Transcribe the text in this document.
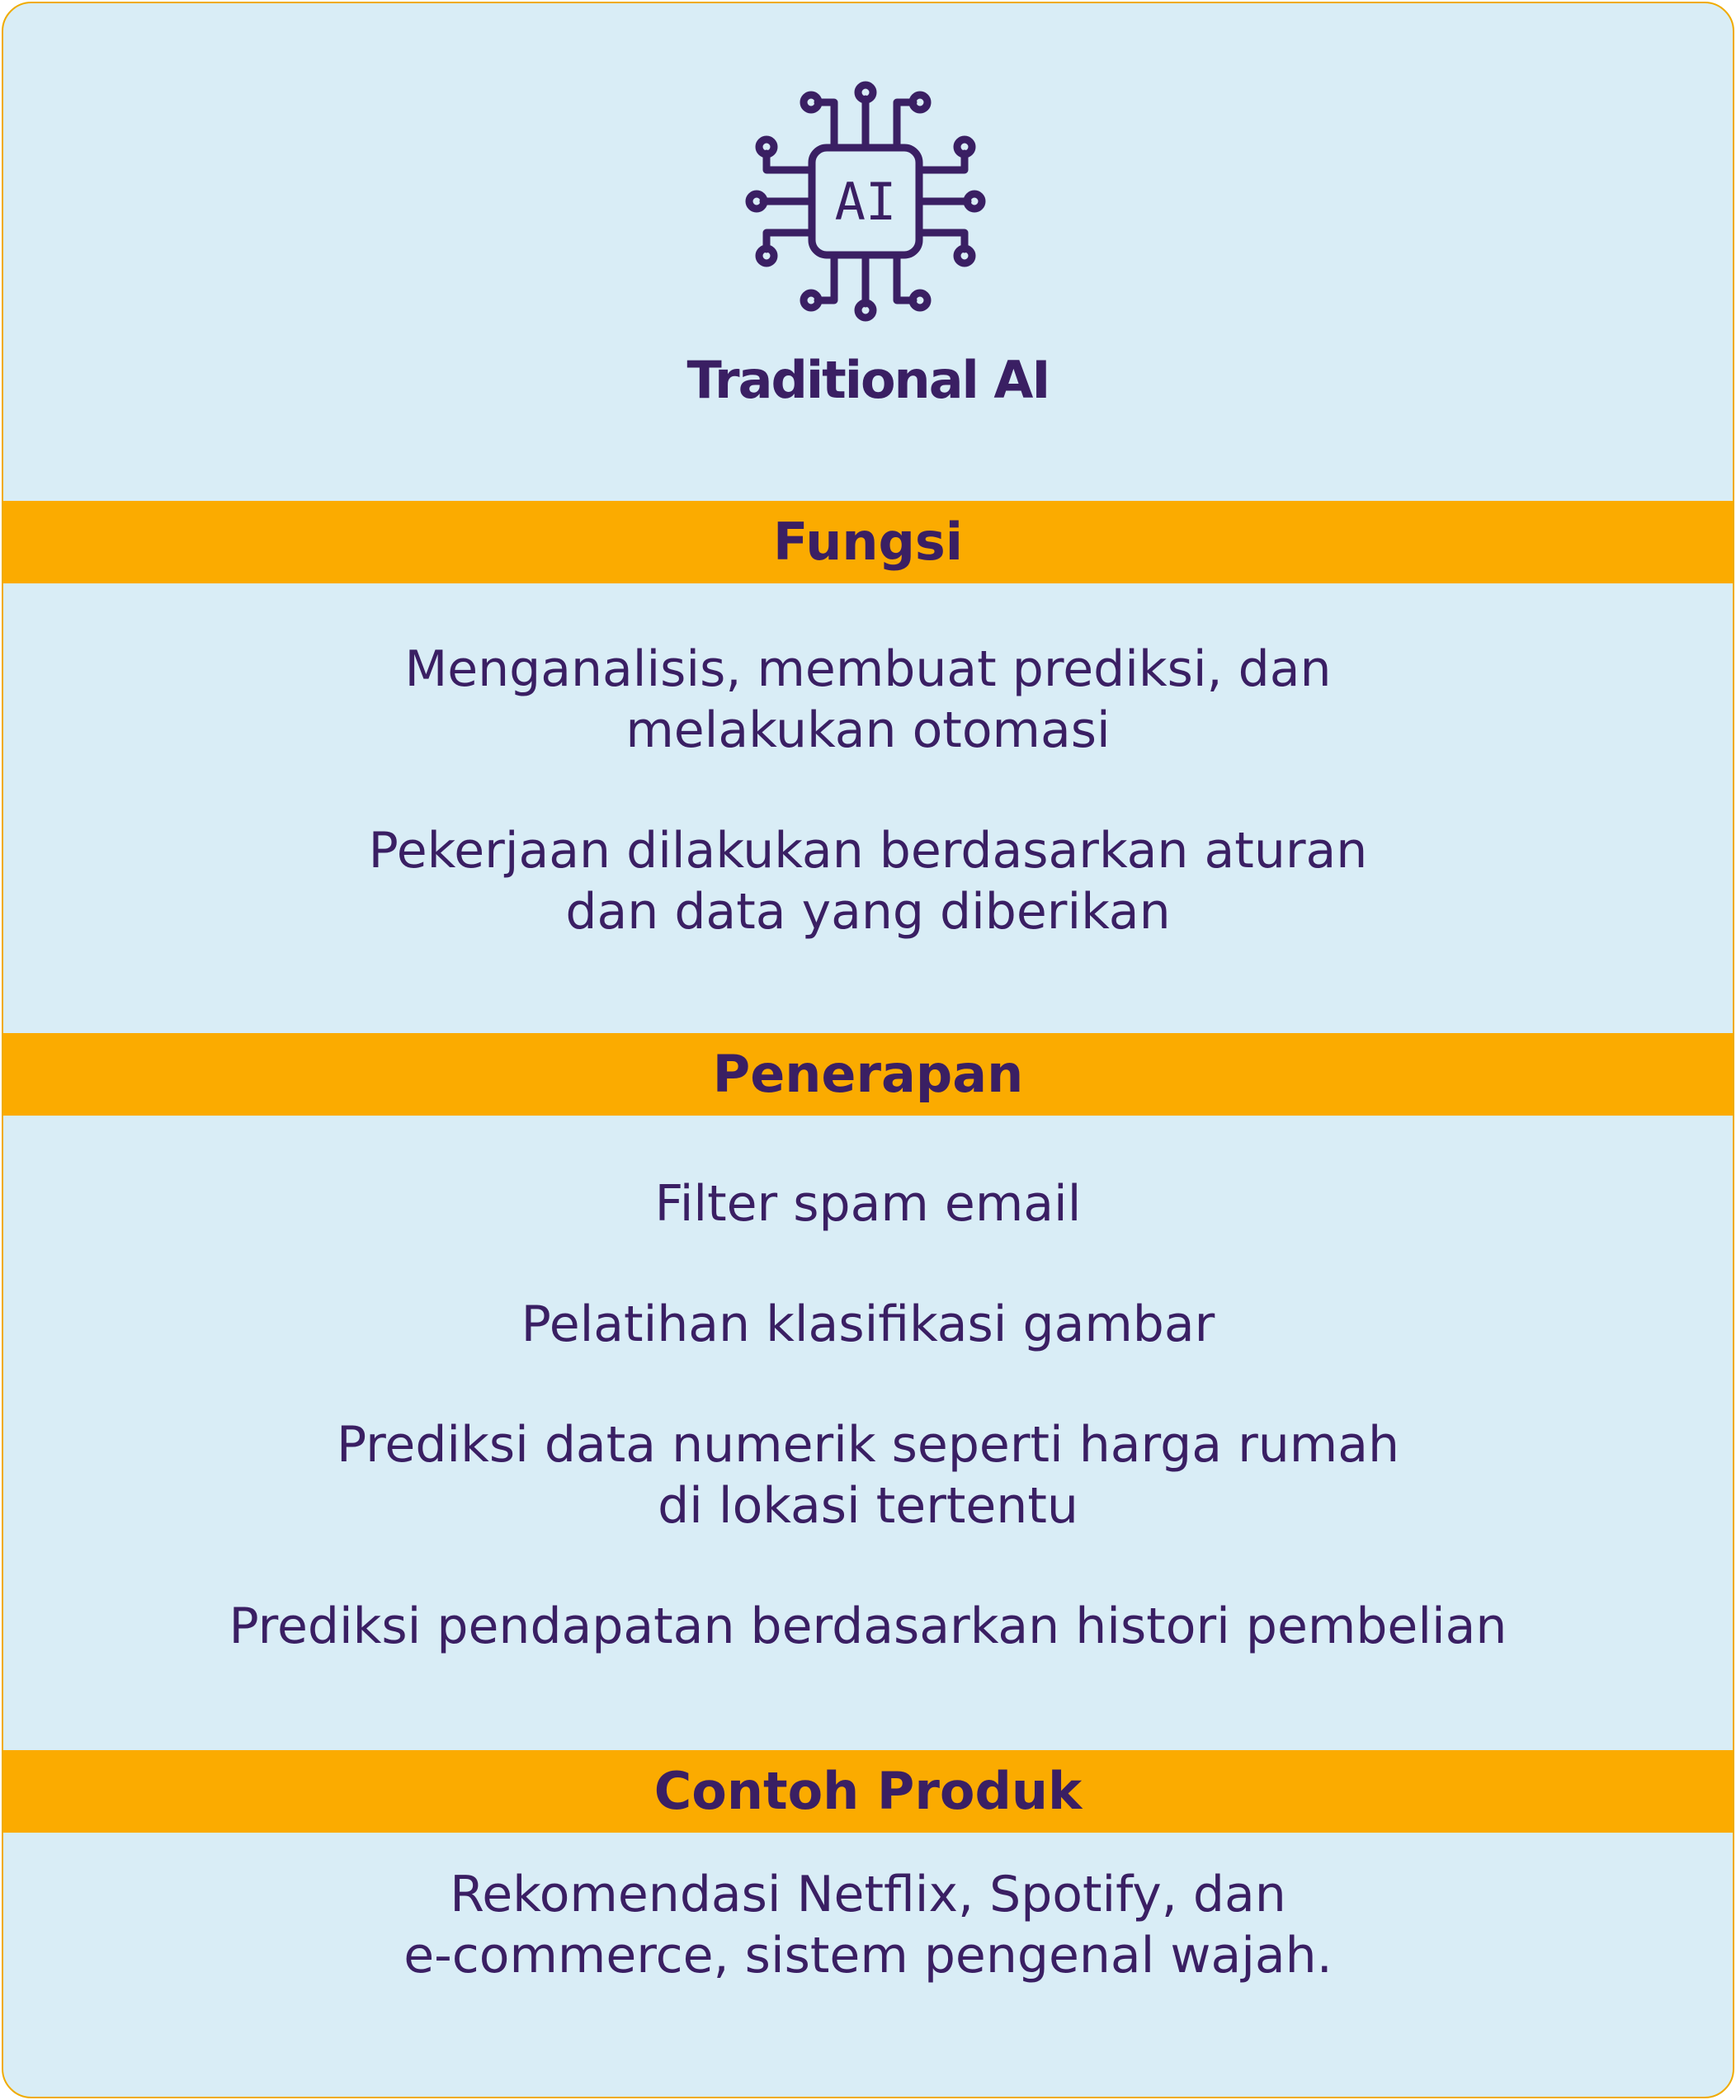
AI
Traditional AI
Fungsi

Menganalisis, membuat prediksi, dan
melakukan otomasi

Pekerjaan dilakukan berdasarkan aturan
dan data yang diberikan

Penerapan

Filter spam email

Pelatihan klasifikasi gambar

Prediksi data numerik seperti harga rumah
di lokasi tertentu

Prediksi pendapatan berdasarkan histori pembelian

Contoh Produk

Rekomendasi Netflix, Spotify, dan
e-commerce, sistem pengenal wajah.
